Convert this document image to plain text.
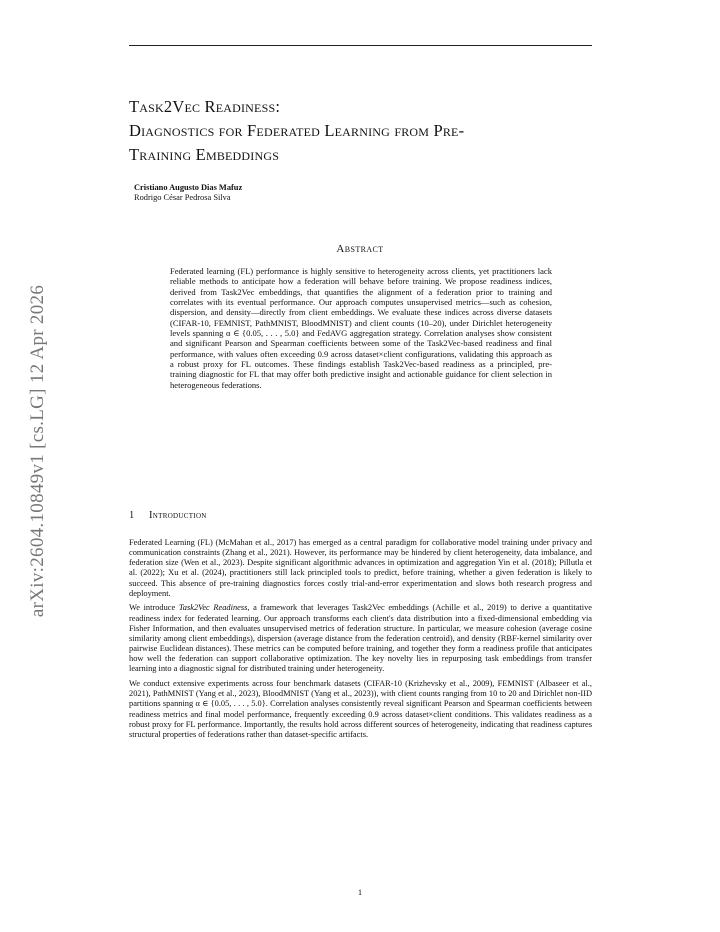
arXiv:2604.10849v1 [cs.LG] 12 Apr 2026
Task2Vec Readiness:
Diagnostics for Federated Learning from Pre-
Training Embeddings
Cristiano Augusto Dias Mafuz
Rodrigo César Pedrosa Silva
Abstract
Federated learning (FL) performance is highly sensitive to heterogeneity across clients, yet practitioners lack reliable methods to anticipate how a federation will behave before training. We propose readiness indices, derived from Task2Vec embeddings, that quantifies the alignment of a federation prior to training and correlates with its eventual performance. Our approach computes unsupervised metrics—such as cohesion, dispersion, and density—directly from client embeddings. We evaluate these indices across diverse datasets (CIFAR-10, FEMNIST, PathMNIST, BloodMNIST) and client counts (10–20), under Dirichlet heterogeneity levels spanning α ∈ {0.05, . . . , 5.0} and FedAVG aggregation strategy. Correlation analyses show consistent and significant Pearson and Spearman coefficients between some of the Task2Vec-based readiness and final performance, with values often exceeding 0.9 across dataset×client configurations, validating this approach as a robust proxy for FL outcomes. These findings establish Task2Vec-based readiness as a principled, pre-training diagnostic for FL that may offer both predictive insight and actionable guidance for client selection in heterogeneous federations.
1 Introduction

Federated Learning (FL) (McMahan et al., 2017) has emerged as a central paradigm for collaborative model training under privacy and communication constraints (Zhang et al., 2021). However, its performance may be hindered by client heterogeneity, data imbalance, and federation size (Wen et al., 2023). Despite significant algorithmic advances in optimization and aggregation Yin et al. (2018); Pillutla et al. (2022); Xu et al. (2024), practitioners still lack principled tools to predict, before training, whether a given federation is likely to succeed. This absence of pre-training diagnostics forces costly trial-and-error experimentation and slows both research progress and deployment.

We introduce Task2Vec Readiness, a framework that leverages Task2Vec embeddings (Achille et al., 2019) to derive a quantitative readiness index for federated learning. Our approach transforms each client's data distribution into a fixed-dimensional embedding via Fisher Information, and then evaluates unsupervised metrics of federation structure. In particular, we measure cohesion (average cosine similarity among client embeddings), dispersion (average distance from the federation centroid), and density (RBF-kernel similarity over pairwise Euclidean distances). These metrics can be computed before training, and together they form a readiness profile that anticipates how well the federation can support collaborative optimization. The key novelty lies in repurposing task embeddings from transfer learning into a diagnostic signal for distributed training under heterogeneity.

We conduct extensive experiments across four benchmark datasets (CIFAR-10 (Krizhevsky et al., 2009), FEMNIST (Albaseer et al., 2021), PathMNIST (Yang et al., 2023), BloodMNIST (Yang et al., 2023)), with client counts ranging from 10 to 20 and Dirichlet non-IID partitions spanning α ∈ {0.05, . . . , 5.0}. Correlation analyses consistently reveal significant Pearson and Spearman coefficients between readiness metrics and final model performance, frequently exceeding 0.9 across dataset×client conditions. This validates readiness as a robust proxy for FL performance. Importantly, the results hold across different sources of heterogeneity, indicating that readiness captures structural properties of federations rather than dataset-specific artifacts.

1
